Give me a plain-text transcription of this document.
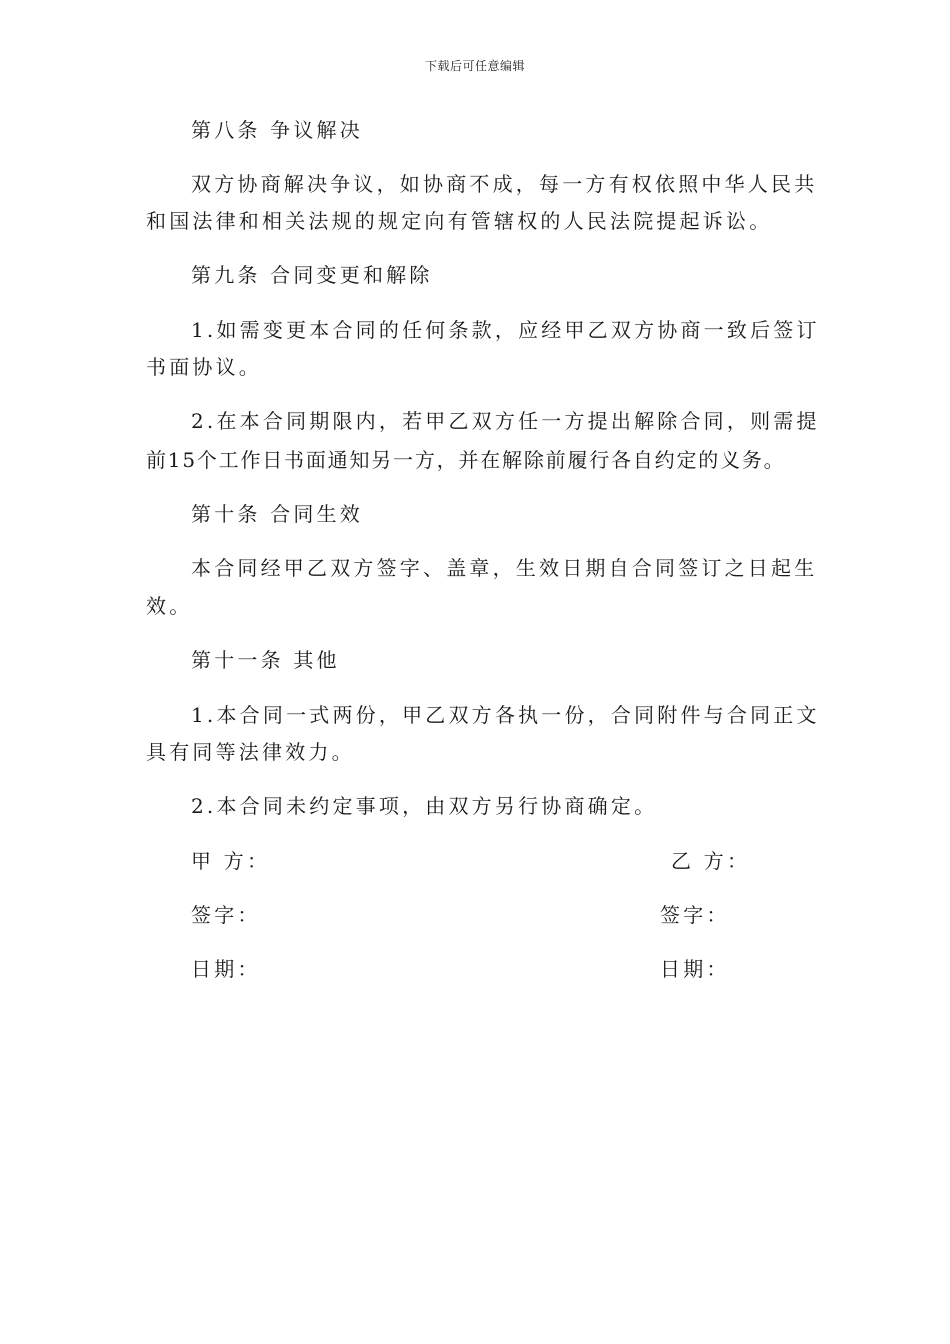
下载后可任意编辑
第八条 争议解决
双方协商解决争议，如协商不成，每一方有权依照中华人民共
和国法律和相关法规的规定向有管辖权的人民法院提起诉讼。
第九条 合同变更和解除
1.如需变更本合同的任何条款，应经甲乙双方协商一致后签订
书面协议。
2.在本合同期限内，若甲乙双方任一方提出解除合同，则需提
前15个工作日书面通知另一方，并在解除前履行各自约定的义务。
第十条 合同生效
本合同经甲乙双方签字、盖章，生效日期自合同签订之日起生
效。
第十一条 其他
1.本合同一式两份，甲乙双方各执一份，合同附件与合同正文
具有同等法律效力。
2.本合同未约定事项，由双方另行协商确定。
甲 方：	乙 方：
签字：	签字：
日期：	日期：
